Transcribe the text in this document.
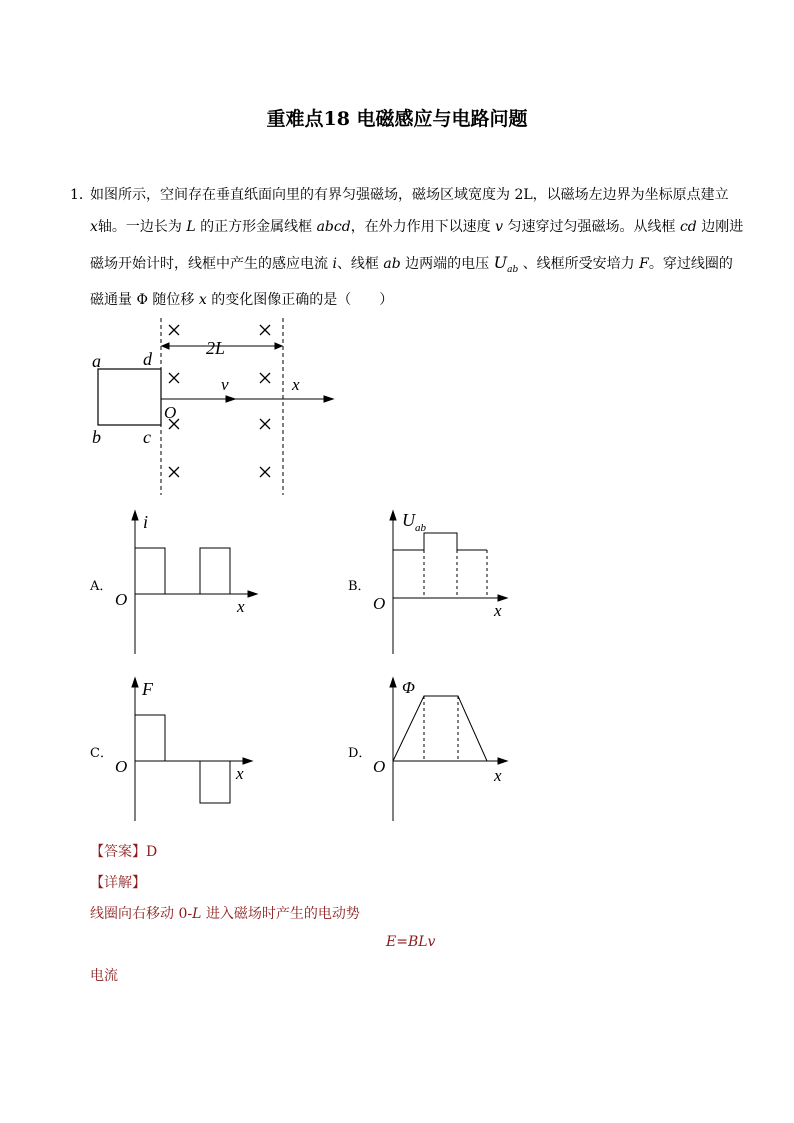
重难点18 电磁感应与电路问题
1．
如图所示，空间存在垂直纸面向里的有界匀强磁场，磁场区域宽度为 2L，以磁场左边界为坐标原点建立
x轴。一边长为 L 的正方形金属线框 abcd，在外力作用下以速度 v 匀速穿过匀强磁场。从线框 cd 边刚进
磁场开始计时，线框中产生的感应电流 i、线框 ab 边两端的电压 $U_{ab}$ 、线框所受安培力 F。穿过线圈的
磁通量 Φ 随位移 x 的变化图像正确的是（　　）
2L
a d
b c
O
v	x
A．
i
O	x
B．
$U_{ab}$
O	x
C．
F
O	x
D．
Φ
O	x
【答案】D
【详解】
线圈向右移动 0-L 进入磁场时产生的电动势
E=BLv
电流
